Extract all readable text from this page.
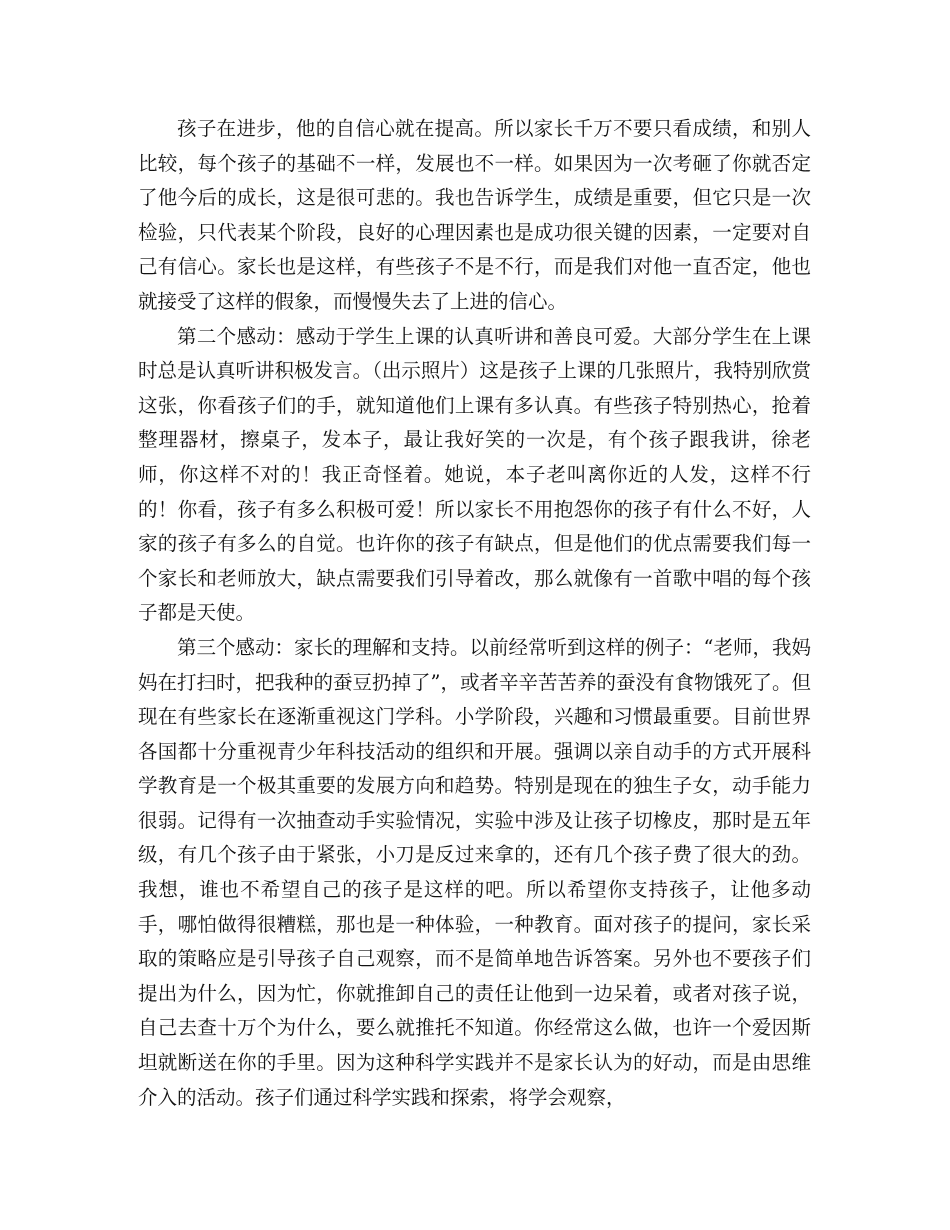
孩子在进步，他的自信心就在提高。所以家长千万不要只看成绩，和别人比较，每个孩子的基础不一样，发展也不一样。如果因为一次考砸了你就否定了他今后的成长，这是很可悲的。我也告诉学生，成绩是重要，但它只是一次检验，只代表某个阶段，良好的心理因素也是成功很关键的因素，一定要对自己有信心。家长也是这样，有些孩子不是不行，而是我们对他一直否定，他也就接受了这样的假象，而慢慢失去了上进的信心。

第二个感动：感动于学生上课的认真听讲和善良可爱。大部分学生在上课时总是认真听讲积极发言。（出示照片）这是孩子上课的几张照片，我特别欣赏这张，你看孩子们的手，就知道他们上课有多认真。有些孩子特别热心，抢着整理器材，擦桌子，发本子，最让我好笑的一次是，有个孩子跟我讲，徐老师，你这样不对的！我正奇怪着。她说，本子老叫离你近的人发，这样不行的！你看，孩子有多么积极可爱！所以家长不用抱怨你的孩子有什么不好，人家的孩子有多么的自觉。也许你的孩子有缺点，但是他们的优点需要我们每一个家长和老师放大，缺点需要我们引导着改，那么就像有一首歌中唱的每个孩子都是天使。

第三个感动：家长的理解和支持。以前经常听到这样的例子：“老师，我妈妈在打扫时，把我种的蚕豆扔掉了”，或者辛辛苦苦养的蚕没有食物饿死了。但现在有些家长在逐渐重视这门学科。小学阶段，兴趣和习惯最重要。目前世界各国都十分重视青少年科技活动的组织和开展。强调以亲自动手的方式开展科学教育是一个极其重要的发展方向和趋势。特别是现在的独生子女，动手能力很弱。记得有一次抽查动手实验情况，实验中涉及让孩子切橡皮，那时是五年级，有几个孩子由于紧张，小刀是反过来拿的，还有几个孩子费了很大的劲。我想，谁也不希望自己的孩子是这样的吧。所以希望你支持孩子，让他多动手，哪怕做得很糟糕，那也是一种体验，一种教育。面对孩子的提问，家长采取的策略应是引导孩子自己观察，而不是简单地告诉答案。另外也不要孩子们提出为什么，因为忙，你就推卸自己的责任让他到一边呆着，或者对孩子说，自己去查十万个为什么，要么就推托不知道。你经常这么做，也许一个爱因斯坦就断送在你的手里。因为这种科学实践并不是家长认为的好动，而是由思维介入的活动。孩子们通过科学实践和探索，将学会观察，
